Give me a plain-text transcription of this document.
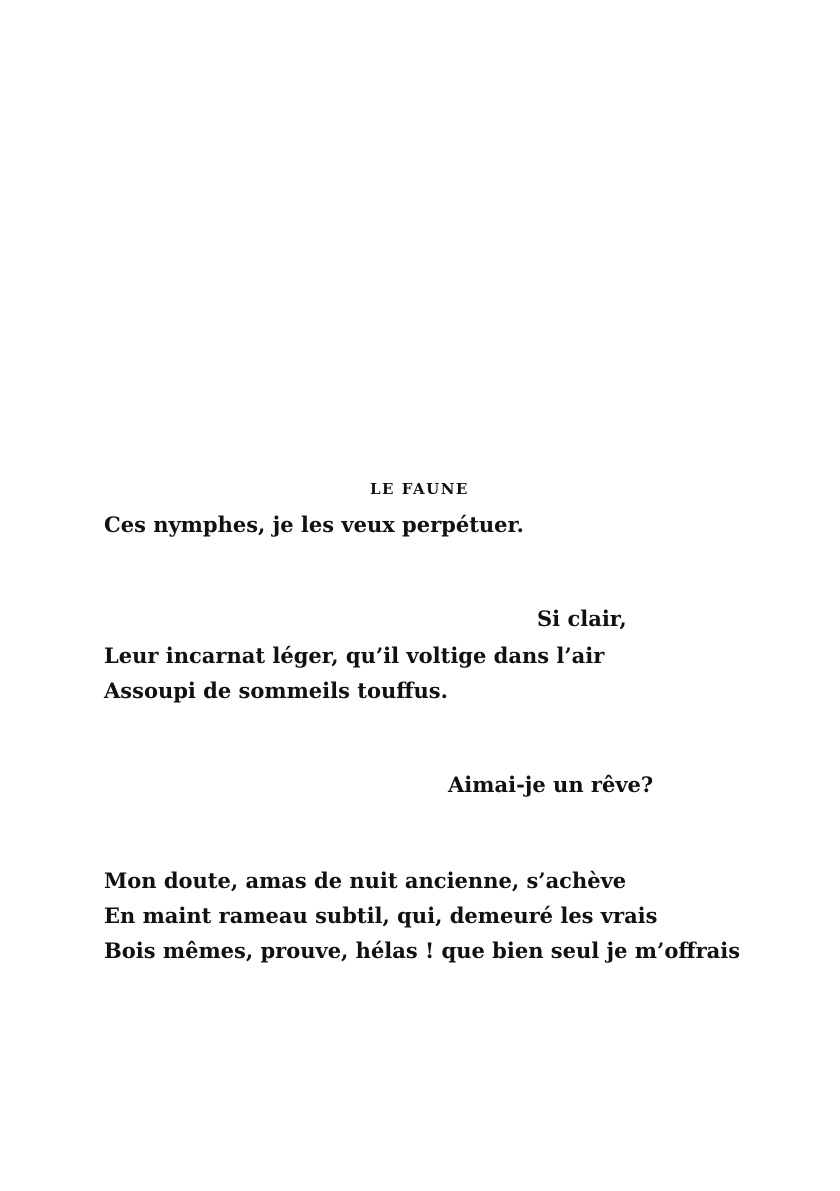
LE FAUNE
Ces nymphes, je les veux perpétuer.
Si clair,
Leur incarnat léger, qu’il voltige dans l’air
Assoupi de sommeils touffus.
Aimai-je un rêve?
Mon doute, amas de nuit ancienne, s’achève
En maint rameau subtil, qui, demeuré les vrais
Bois mêmes, prouve, hélas ! que bien seul je m’offrais
